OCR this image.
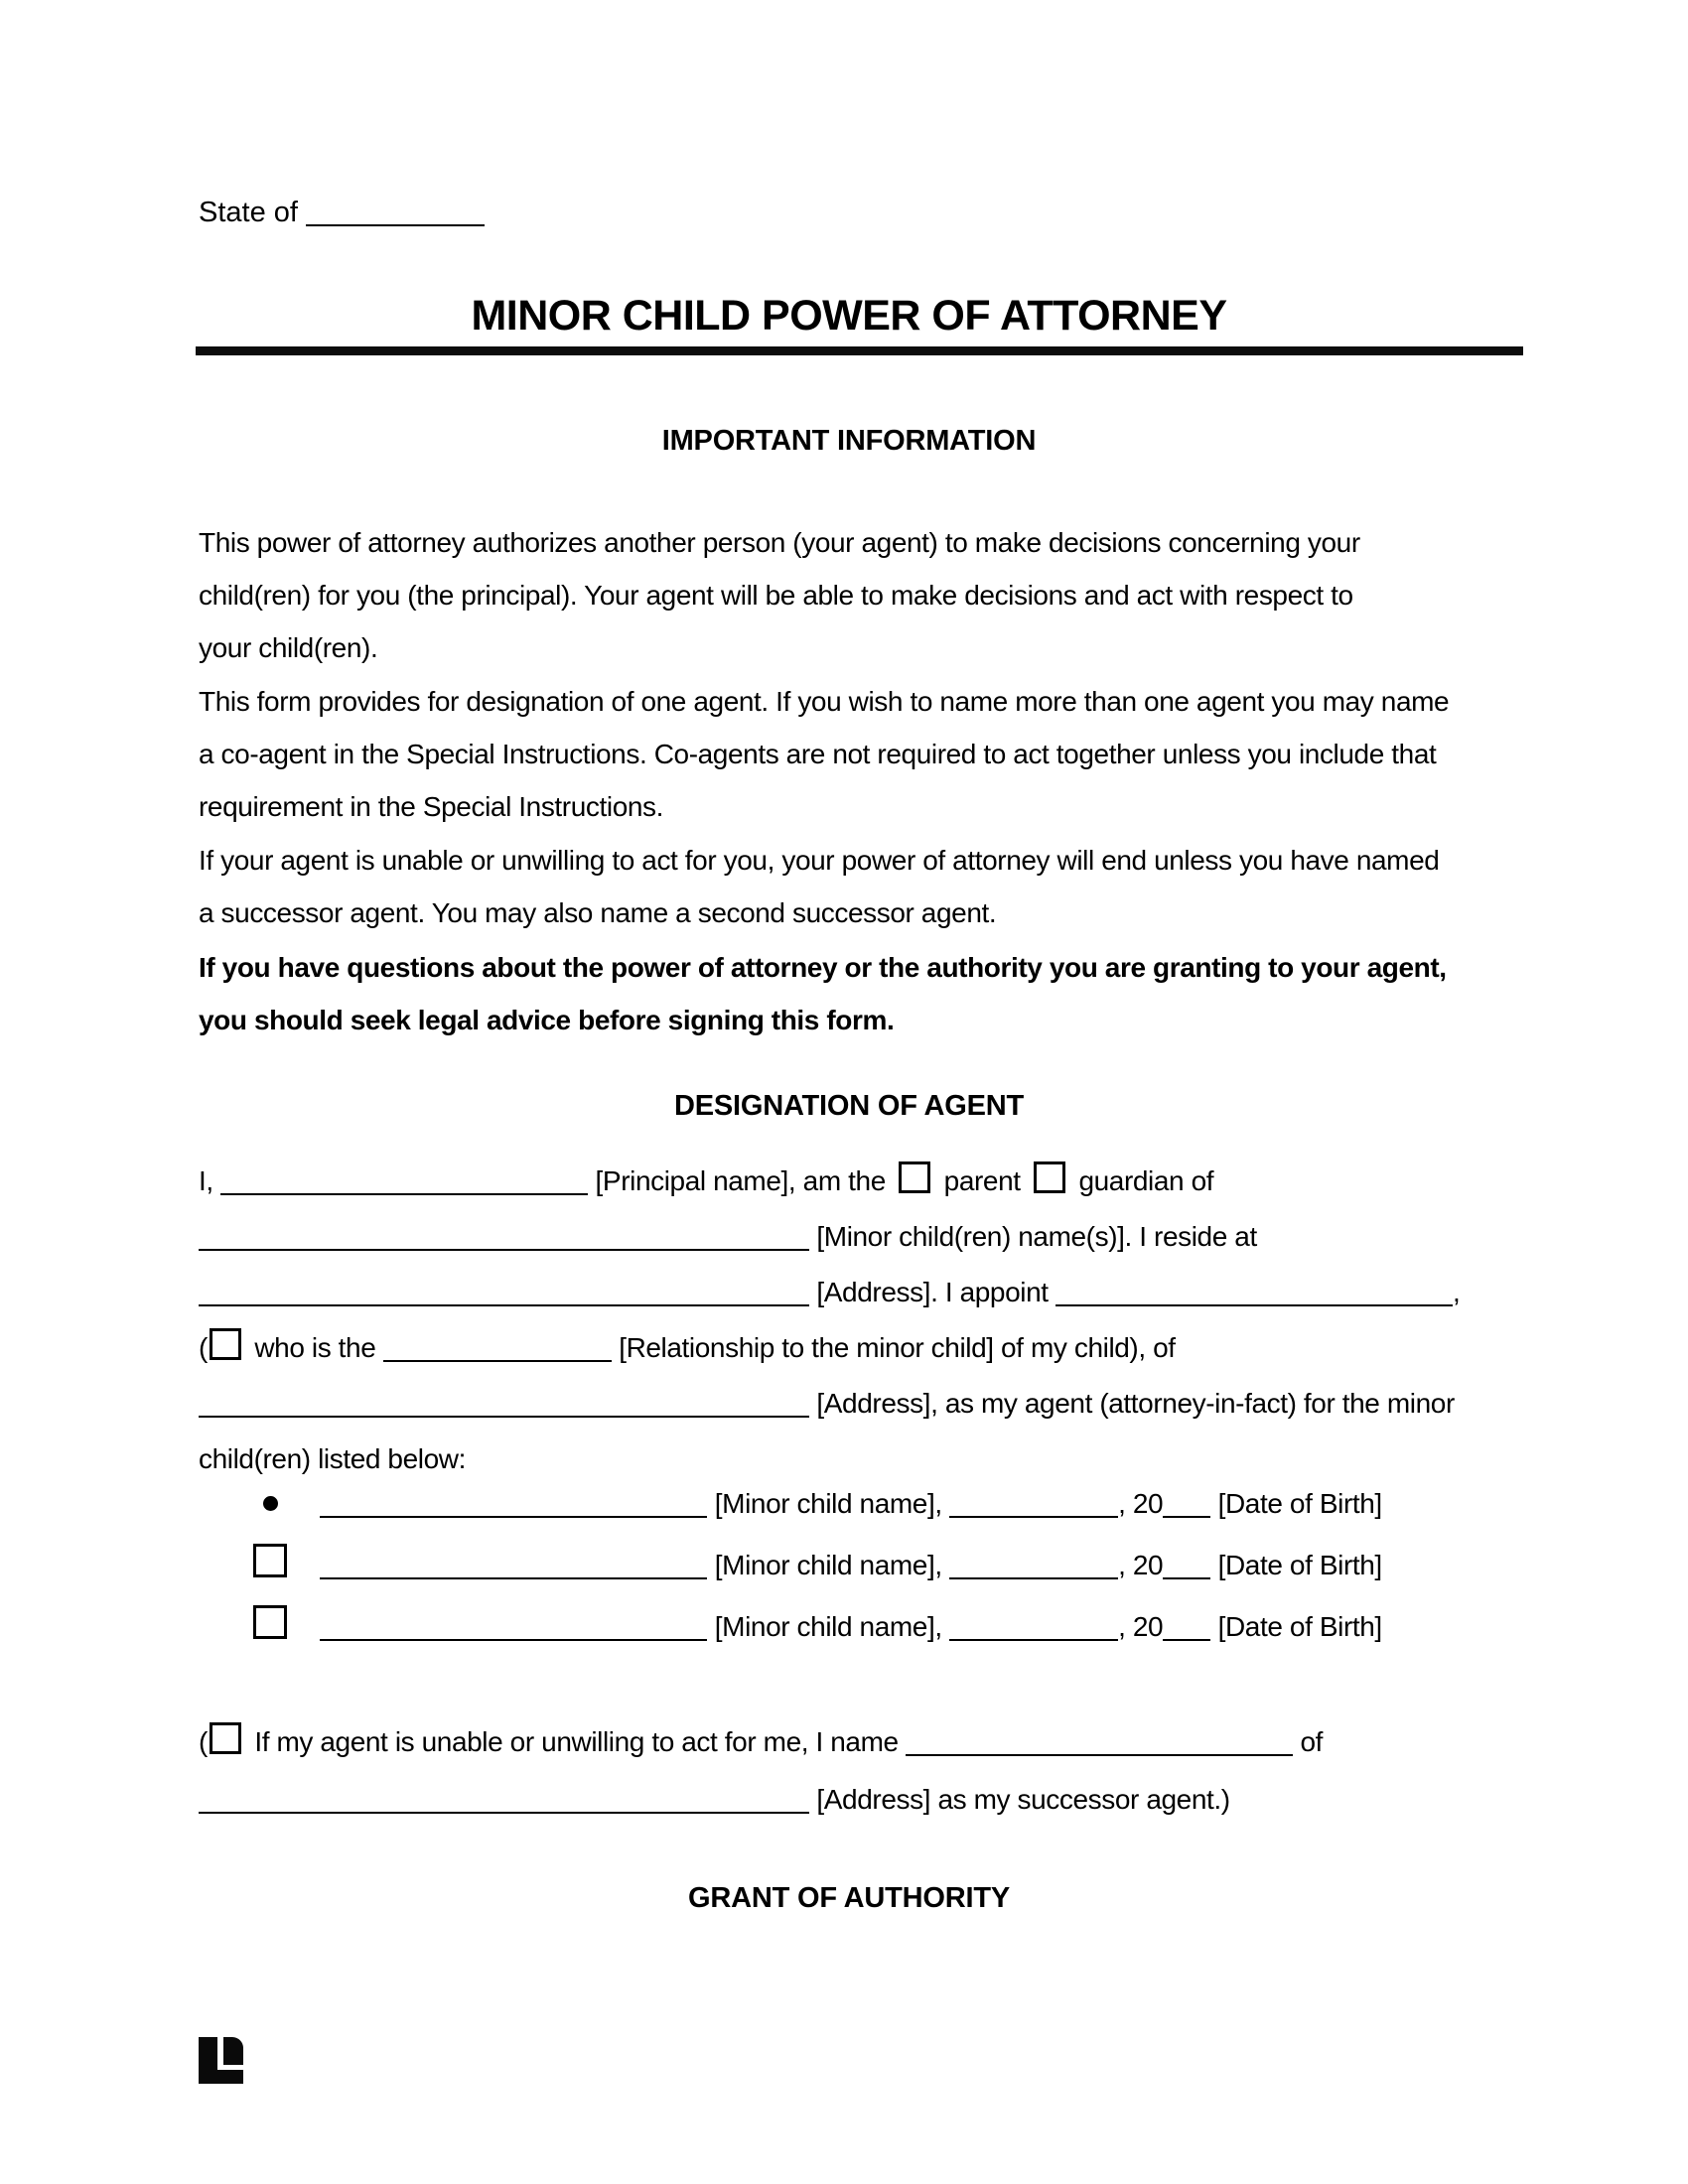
State of
MINOR CHILD POWER OF ATTORNEY
IMPORTANT INFORMATION
This power of attorney authorizes another person (your agent) to make decisions concerning your
child(ren) for you (the principal). Your agent will be able to make decisions and act with respect to
your child(ren).
This form provides for designation of one agent. If you wish to name more than one agent you may name
a co-agent in the Special Instructions. Co-agents are not required to act together unless you include that
requirement in the Special Instructions.
If your agent is unable or unwilling to act for you, your power of attorney will end unless you have named
a successor agent. You may also name a second successor agent.
If you have questions about the power of attorney or the authority you are granting to your agent,
you should seek legal advice before signing this form.
DESIGNATION OF AGENT
I,	[Principal name], am the parent guardian of
[Minor child(ren) name(s)]. I reside at
[Address]. I appoint	,
( who is the	[Relationship to the minor child] of my child), of
[Address], as my agent (attorney-in-fact) for the minor
child(ren) listed below:
[Minor child name],	, 20 [Date of Birth]
[Minor child name],	, 20 [Date of Birth]
[Minor child name],	, 20 [Date of Birth]
( If my agent is unable or unwilling to act for me, I name	of
[Address] as my successor agent.)
GRANT OF AUTHORITY
